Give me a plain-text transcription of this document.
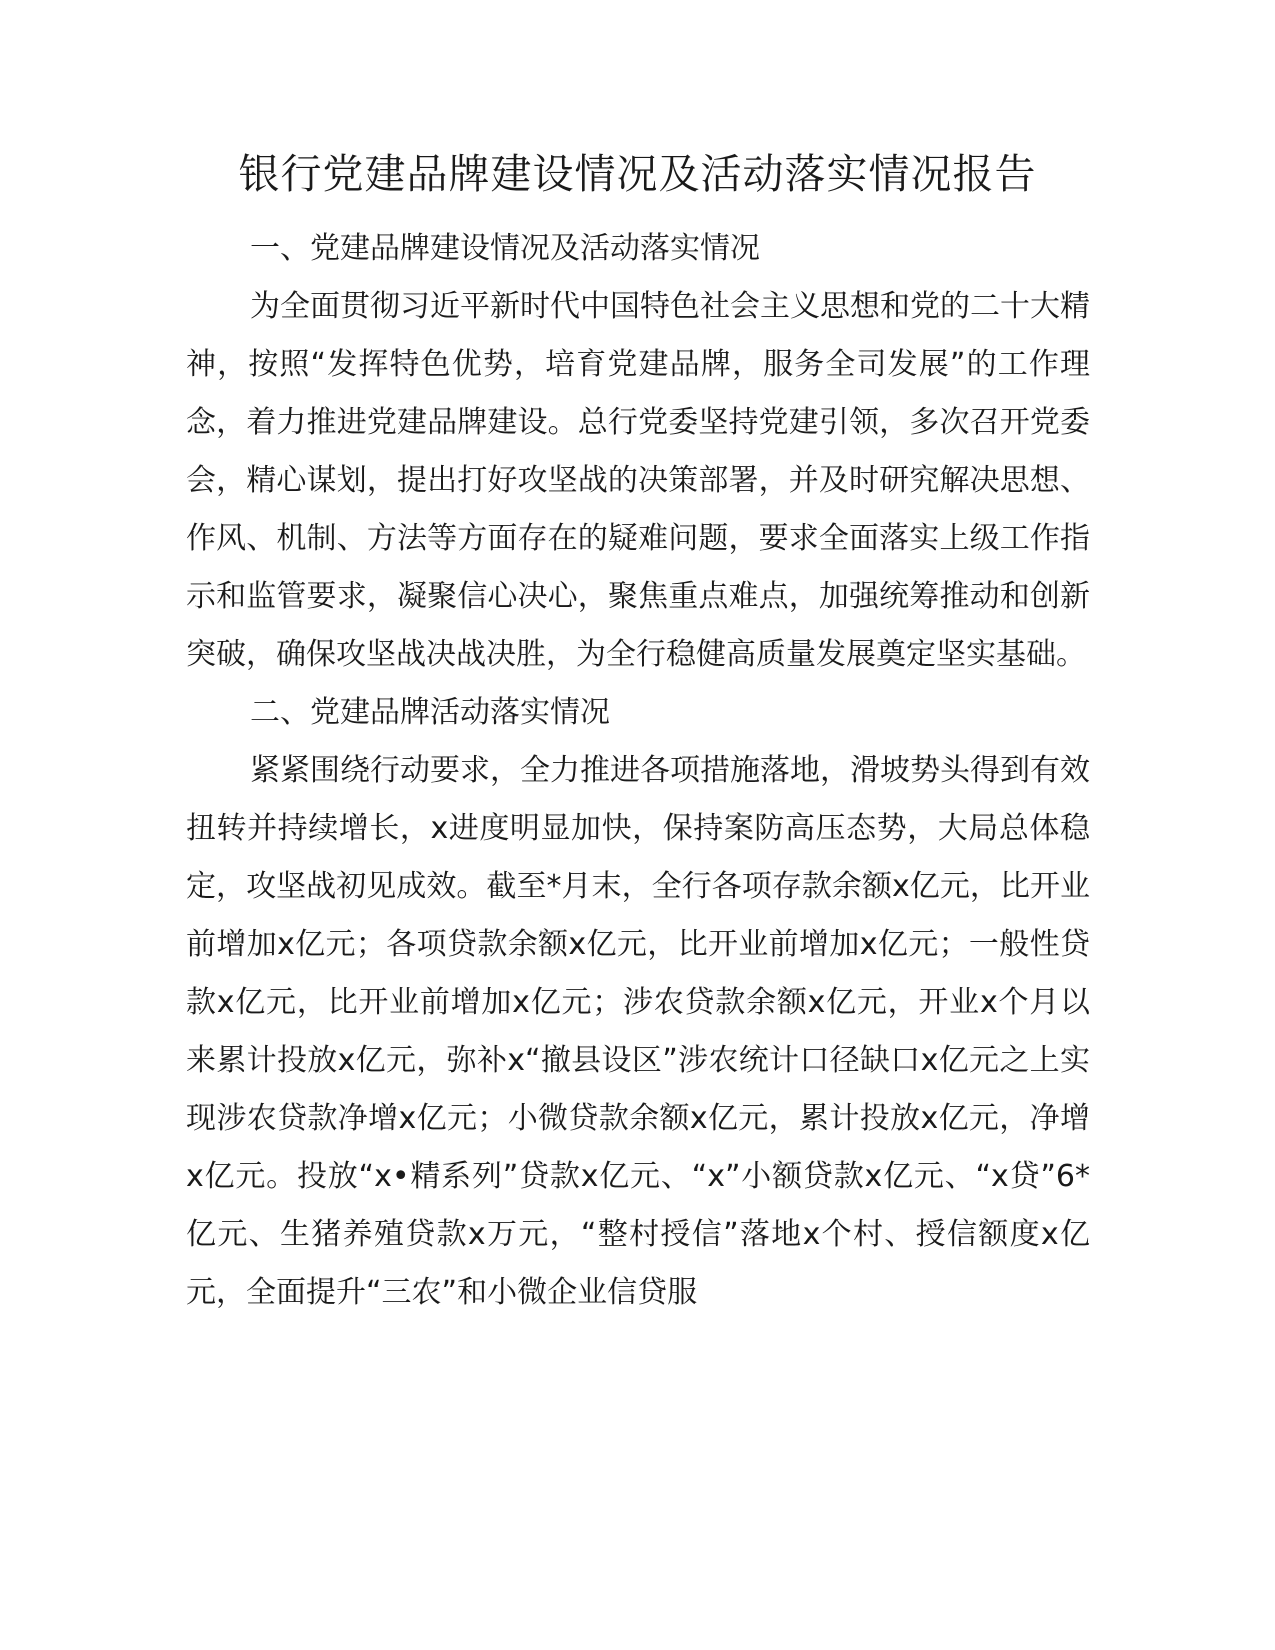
银行党建品牌建设情况及活动落实情况报告

一、党建品牌建设情况及活动落实情况

为全面贯彻习近平新时代中国特色社会主义思想和党的二十大精神，按照“发挥特色优势，培育党建品牌，服务全司发展”的工作理念，着力推进党建品牌建设。总行党委坚持党建引领，多次召开党委会，精心谋划，提出打好攻坚战的决策部署，并及时研究解决思想、作风、机制、方法等方面存在的疑难问题，要求全面落实上级工作指示和监管要求，凝聚信心决心，聚焦重点难点，加强统筹推动和创新突破，确保攻坚战决战决胜，为全行稳健高质量发展奠定坚实基础。

二、党建品牌活动落实情况

紧紧围绕行动要求，全力推进各项措施落地，滑坡势头得到有效扭转并持续增长，x进度明显加快，保持案防高压态势，大局总体稳定，攻坚战初见成效。截至*月末，全行各项存款余额x亿元，比开业前增加x亿元；各项贷款余额x亿元，比开业前增加x亿元；一般性贷款x亿元，比开业前增加x亿元；涉农贷款余额x亿元，开业x个月以来累计投放x亿元，弥补x“撤县设区”涉农统计口径缺口x亿元之上实现涉农贷款净增x亿元；小微贷款余额x亿元，累计投放x亿元，净增x亿元。投放“x•精系列”贷款x亿元、“x”小额贷款x亿元、“x贷”6*亿元、生猪养殖贷款x万元，“整村授信”落地x个村、授信额度x亿元，全面提升“三农”和小微企业信贷服
